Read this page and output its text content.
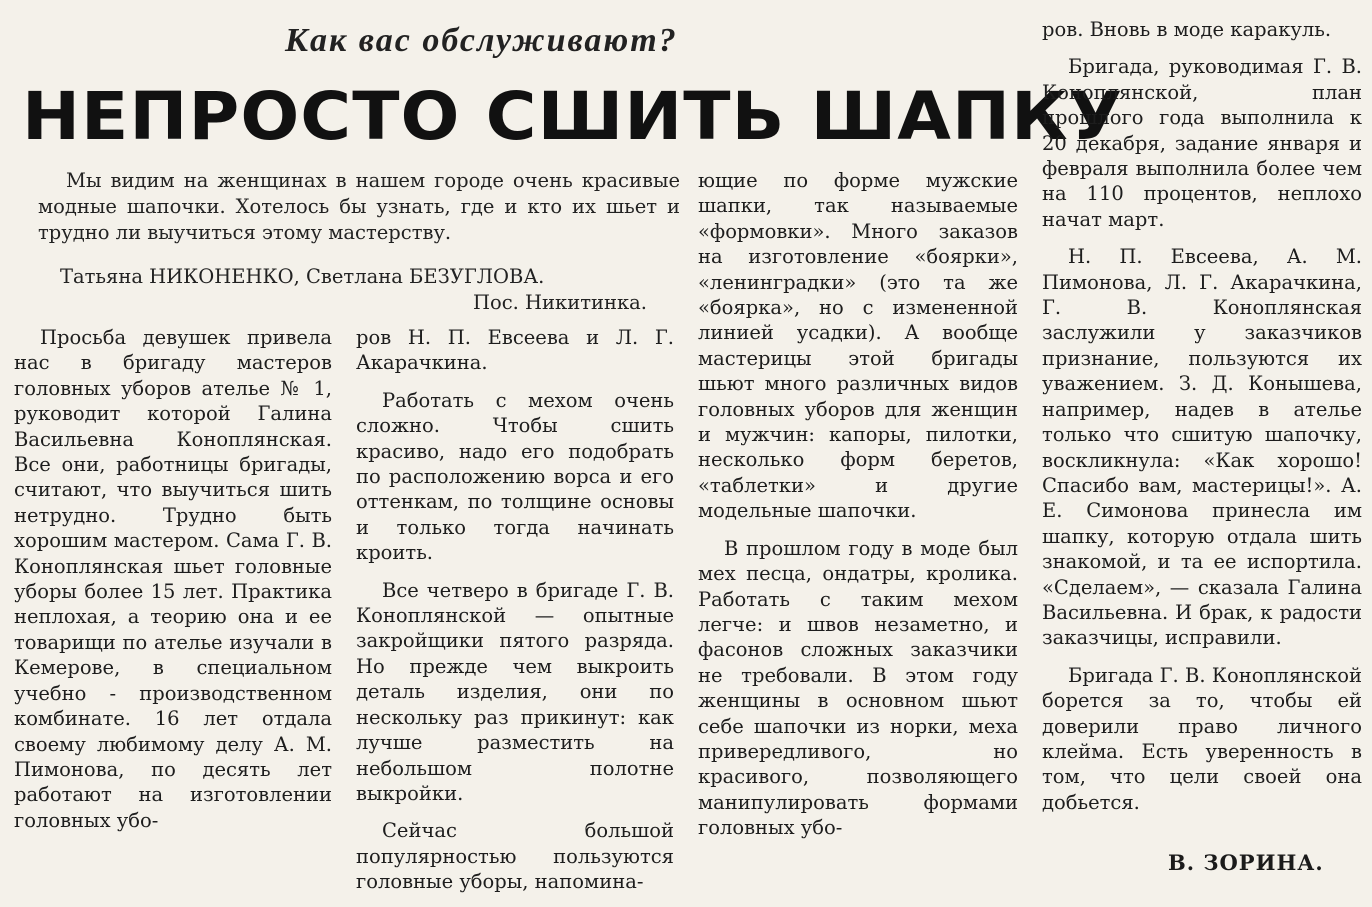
Как вас обслуживают?
НЕПРОСТО СШИТЬ ШАПКУ
Мы видим на женщинах в нашем городе очень красивые модные шапочки. Хотелось бы узнать, где и кто их шьет и трудно ли выучиться этому мастерству.
Татьяна НИКОНЕНКО, Светлана БЕЗУГЛОВА.
Пос. Никитинка.

Просьба девушек привела нас в бригаду мастеров головных уборов ателье № 1, руководит которой Галина Васильевна Коноплянская. Все они, работницы бригады, считают, что выучиться шить нетрудно. Трудно быть хорошим мастером. Сама Г. В. Коноплянская шьет головные уборы более 15 лет. Практика неплохая, а теорию она и ее товарищи по ателье изучали в Кемерове, в специальном учебно - производственном комбинате. 16 лет отдала своему любимому делу А. М. Пимонова, по десять лет работают на изготовлении головных убо-

ров Н. П. Евсеева и Л. Г. Акарачкина.

Работать с мехом очень сложно. Чтобы сшить красиво, надо его подобрать по расположению ворса и его оттенкам, по толщине основы и только тогда начинать кроить.

Все четверо в бригаде Г. В. Коноплянской — опытные закройщики пятого разряда. Но прежде чем выкроить деталь изделия, они по нескольку раз прикинут: как лучше разместить на небольшом полотне выкройки.

Сейчас большой популярностью пользуются головные уборы, напомина-

ющие по форме мужские шапки, так называемые «формовки». Много заказов на изготовление «боярки», «ленинградки» (это та же «боярка», но с измененной линией усадки). А вообще мастерицы этой бригады шьют много различных видов головных уборов для женщин и мужчин: капоры, пилотки, несколько форм беретов, «таблетки» и другие модельные шапочки.

В прошлом году в моде был мех песца, ондатры, кролика. Работать с таким мехом легче: и швов незаметно, и фасонов сложных заказчики не требовали. В этом году женщины в основном шьют себе шапочки из норки, меха привередливого, но красивого, позволяющего манипулировать формами головных убо-

ров. Вновь в моде каракуль.

Бригада, руководимая Г. В. Коноплянской, план прошлого года выполнила к 20 декабря, задание января и февраля выполнила более чем на 110 процентов, неплохо начат март.

Н. П. Евсеева, А. М. Пимонова, Л. Г. Акарачкина, Г. В. Коноплянская заслужили у заказчиков признание, пользуются их уважением. З. Д. Конышева, например, надев в ателье только что сшитую шапочку, воскликнула: «Как хорошо! Спасибо вам, мастерицы!». А. Е. Симонова принесла им шапку, которую отдала шить знакомой, и та ее испортила. «Сделаем», — сказала Галина Васильевна. И брак, к радости заказчицы, исправили.

Бригада Г. В. Коноплянской борется за то, чтобы ей доверили право личного клейма. Есть уверенность в том, что цели своей она добьется.

В. ЗОРИНА.
